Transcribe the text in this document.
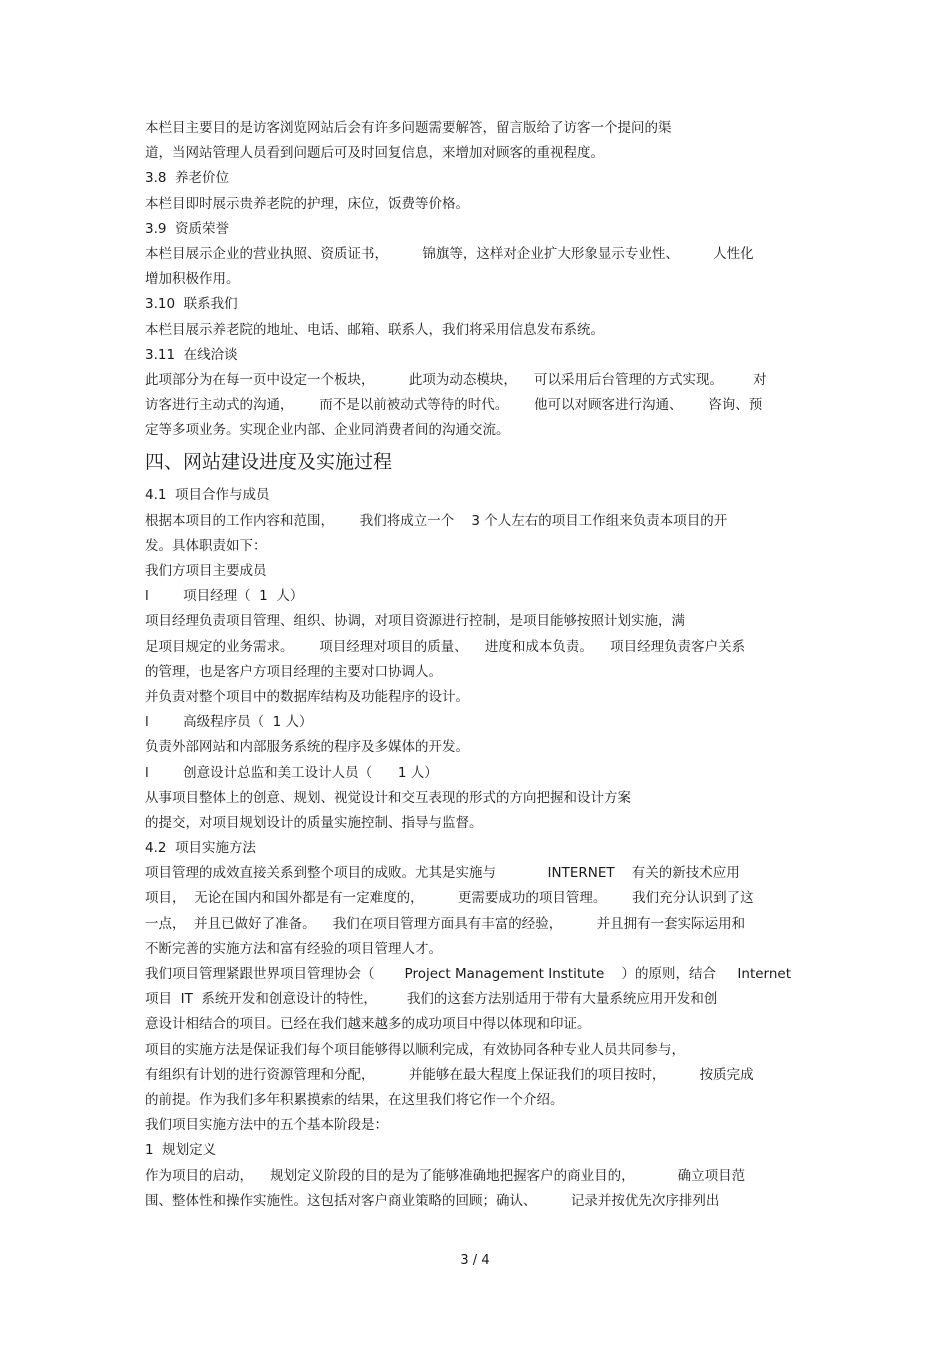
本栏目主要目的是访客浏览网站后会有许多问题需要解答，留言版给了访客一个提问的渠
道，当网站管理人员看到问题后可及时回复信息，来增加对顾客的重视程度。
3.8  养老价位
本栏目即时展示贵养老院的护理，床位，饭费等价格。
3.9  资质荣誉
本栏目展示企业的营业执照、资质证书，        锦旗等，这样对企业扩大形象显示专业性、        人性化
增加积极作用。
3.10  联系我们
本栏目展示养老院的地址、电话、邮箱、联系人，我们将采用信息发布系统。
3.11  在线洽谈
此项部分为在每一页中设定一个板块，        此项为动态模块，    可以采用后台管理的方式实现。       对
访客进行主动式的沟通，      而不是以前被动式等待的时代。      他可以对顾客进行沟通、      咨询、预
定等多项业务。实现企业内部、企业同消费者间的沟通交流。
四、网站建设进度及实施过程
4.1  项目合作与成员
根据本项目的工作内容和范围，      我们将成立一个    3 个人左右的项目工作组来负责本项目的开
发。具体职责如下：
我们方项目主要成员
l        项目经理（  1  人）
项目经理负责项目管理、组织、协调，对项目资源进行控制，是项目能够按照计划实施，满
足项目规定的业务需求。      项目经理对项目的质量、    进度和成本负责。    项目经理负责客户关系
的管理，也是客户方项目经理的主要对口协调人。
并负责对整个项目中的数据库结构及功能程序的设计。
l        高级程序员（  1 人）
负责外部网站和内部服务系统的程序及多媒体的开发。
l        创意设计总监和美工设计人员（      1 人）
从事项目整体上的创意、规划、视觉设计和交互表现的形式的方向把握和设计方案
的提交，对项目规划设计的质量实施控制、指导与监督。
4.2  项目实施方法
项目管理的成效直接关系到整个项目的成败。尤其是实施与            INTERNET    有关的新技术应用
项目，  无论在国内和国外都是有一定难度的，        更需要成功的项目管理。      我们充分认识到了这
一点，  并且已做好了准备。    我们在项目管理方面具有丰富的经验，        并且拥有一套实际运用和
不断完善的实施方法和富有经验的项目管理人才。
我们项目管理紧跟世界项目管理协会（       Project Management Institute    ）的原则，结合     Internet
项目  IT  系统开发和创意设计的特性，       我们的这套方法别适用于带有大量系统应用开发和创
意设计相结合的项目。已经在我们越来越多的成功项目中得以体现和印证。
项目的实施方法是保证我们每个项目能够得以顺利完成，有效协同各种专业人员共同参与，
有组织有计划的进行资源管理和分配，        并能够在最大程度上保证我们的项目按时，        按质完成
的前提。作为我们多年积累摸索的结果，在这里我们将它作一个介绍。
我们项目实施方法中的五个基本阶段是：
1  规划定义
作为项目的启动，    规划定义阶段的目的是为了能够准确地把握客户的商业目的，          确立项目范
围、整体性和操作实施性。这包括对客户商业策略的回顾；确认、        记录并按优先次序排列出
3 / 4
